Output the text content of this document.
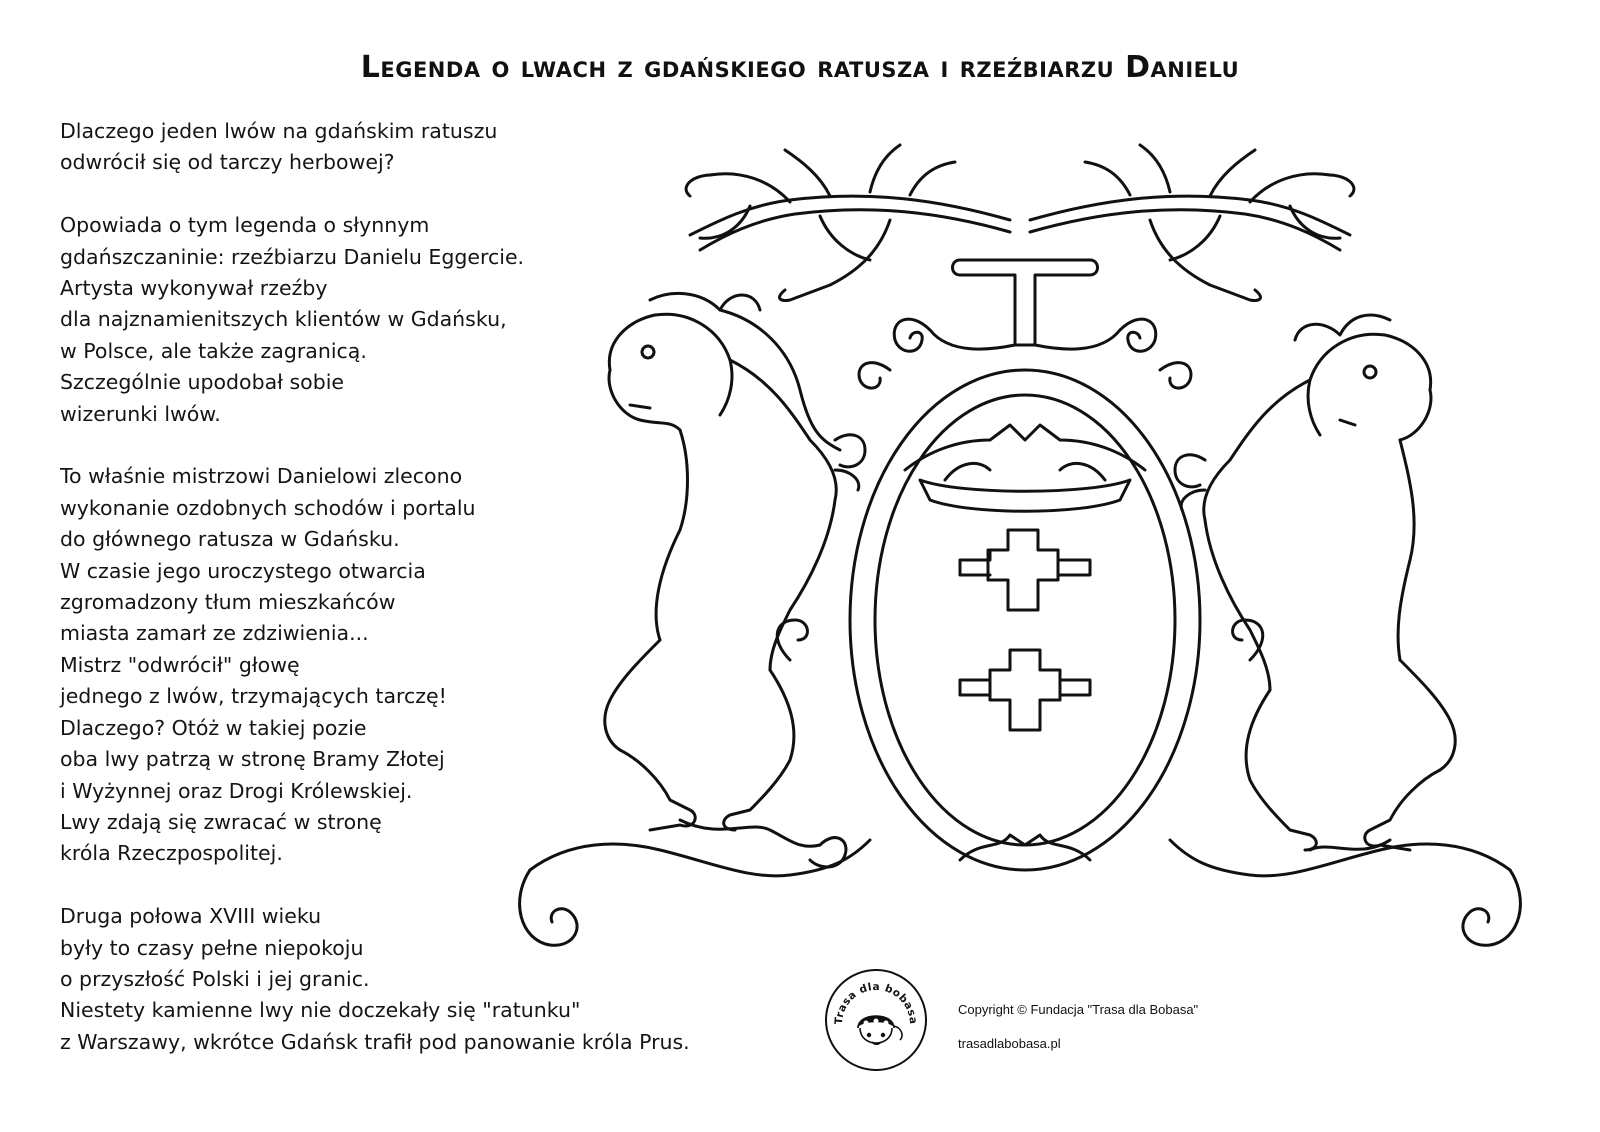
Legenda o lwach z gdańskiego ratusza i rzeźbiarzu Danielu

Dlaczego jeden lwów na gdańskim ratuszu
odwrócił się od tarczy herbowej?

Opowiada o tym legenda o słynnym
gdańszczaninie: rzeźbiarzu Danielu Eggercie.
Artysta wykonywał rzeźby
dla najznamienitszych klientów w Gdańsku,
w Polsce, ale także zagranicą.
Szczególnie upodobał sobie
wizerunki lwów.

To właśnie mistrzowi Danielowi zlecono
wykonanie ozdobnych schodów i portalu
do głównego ratusza w Gdańsku.
W czasie jego uroczystego otwarcia
zgromadzony tłum mieszkańców
miasta zamarł ze zdziwienia...
Mistrz "odwrócił" głowę
jednego z lwów, trzymających tarczę!
Dlaczego? Otóż w takiej pozie
oba lwy patrzą w stronę Bramy Złotej
i Wyżynnej oraz Drogi Królewskiej.
Lwy zdają się zwracać w stronę
króla Rzeczpospolitej.

Druga połowa XVIII wieku
były to czasy pełne niepokoju
o przyszłość Polski i jej granic.
Niestety kamienne lwy nie doczekały się "ratunku"
z Warszawy, wkrótce Gdańsk trafił pod panowanie króla Prus.

Trasa dla bobasa
Copyright © Fundacja "Trasa dla Bobasa"
trasadlabobasa.pl
